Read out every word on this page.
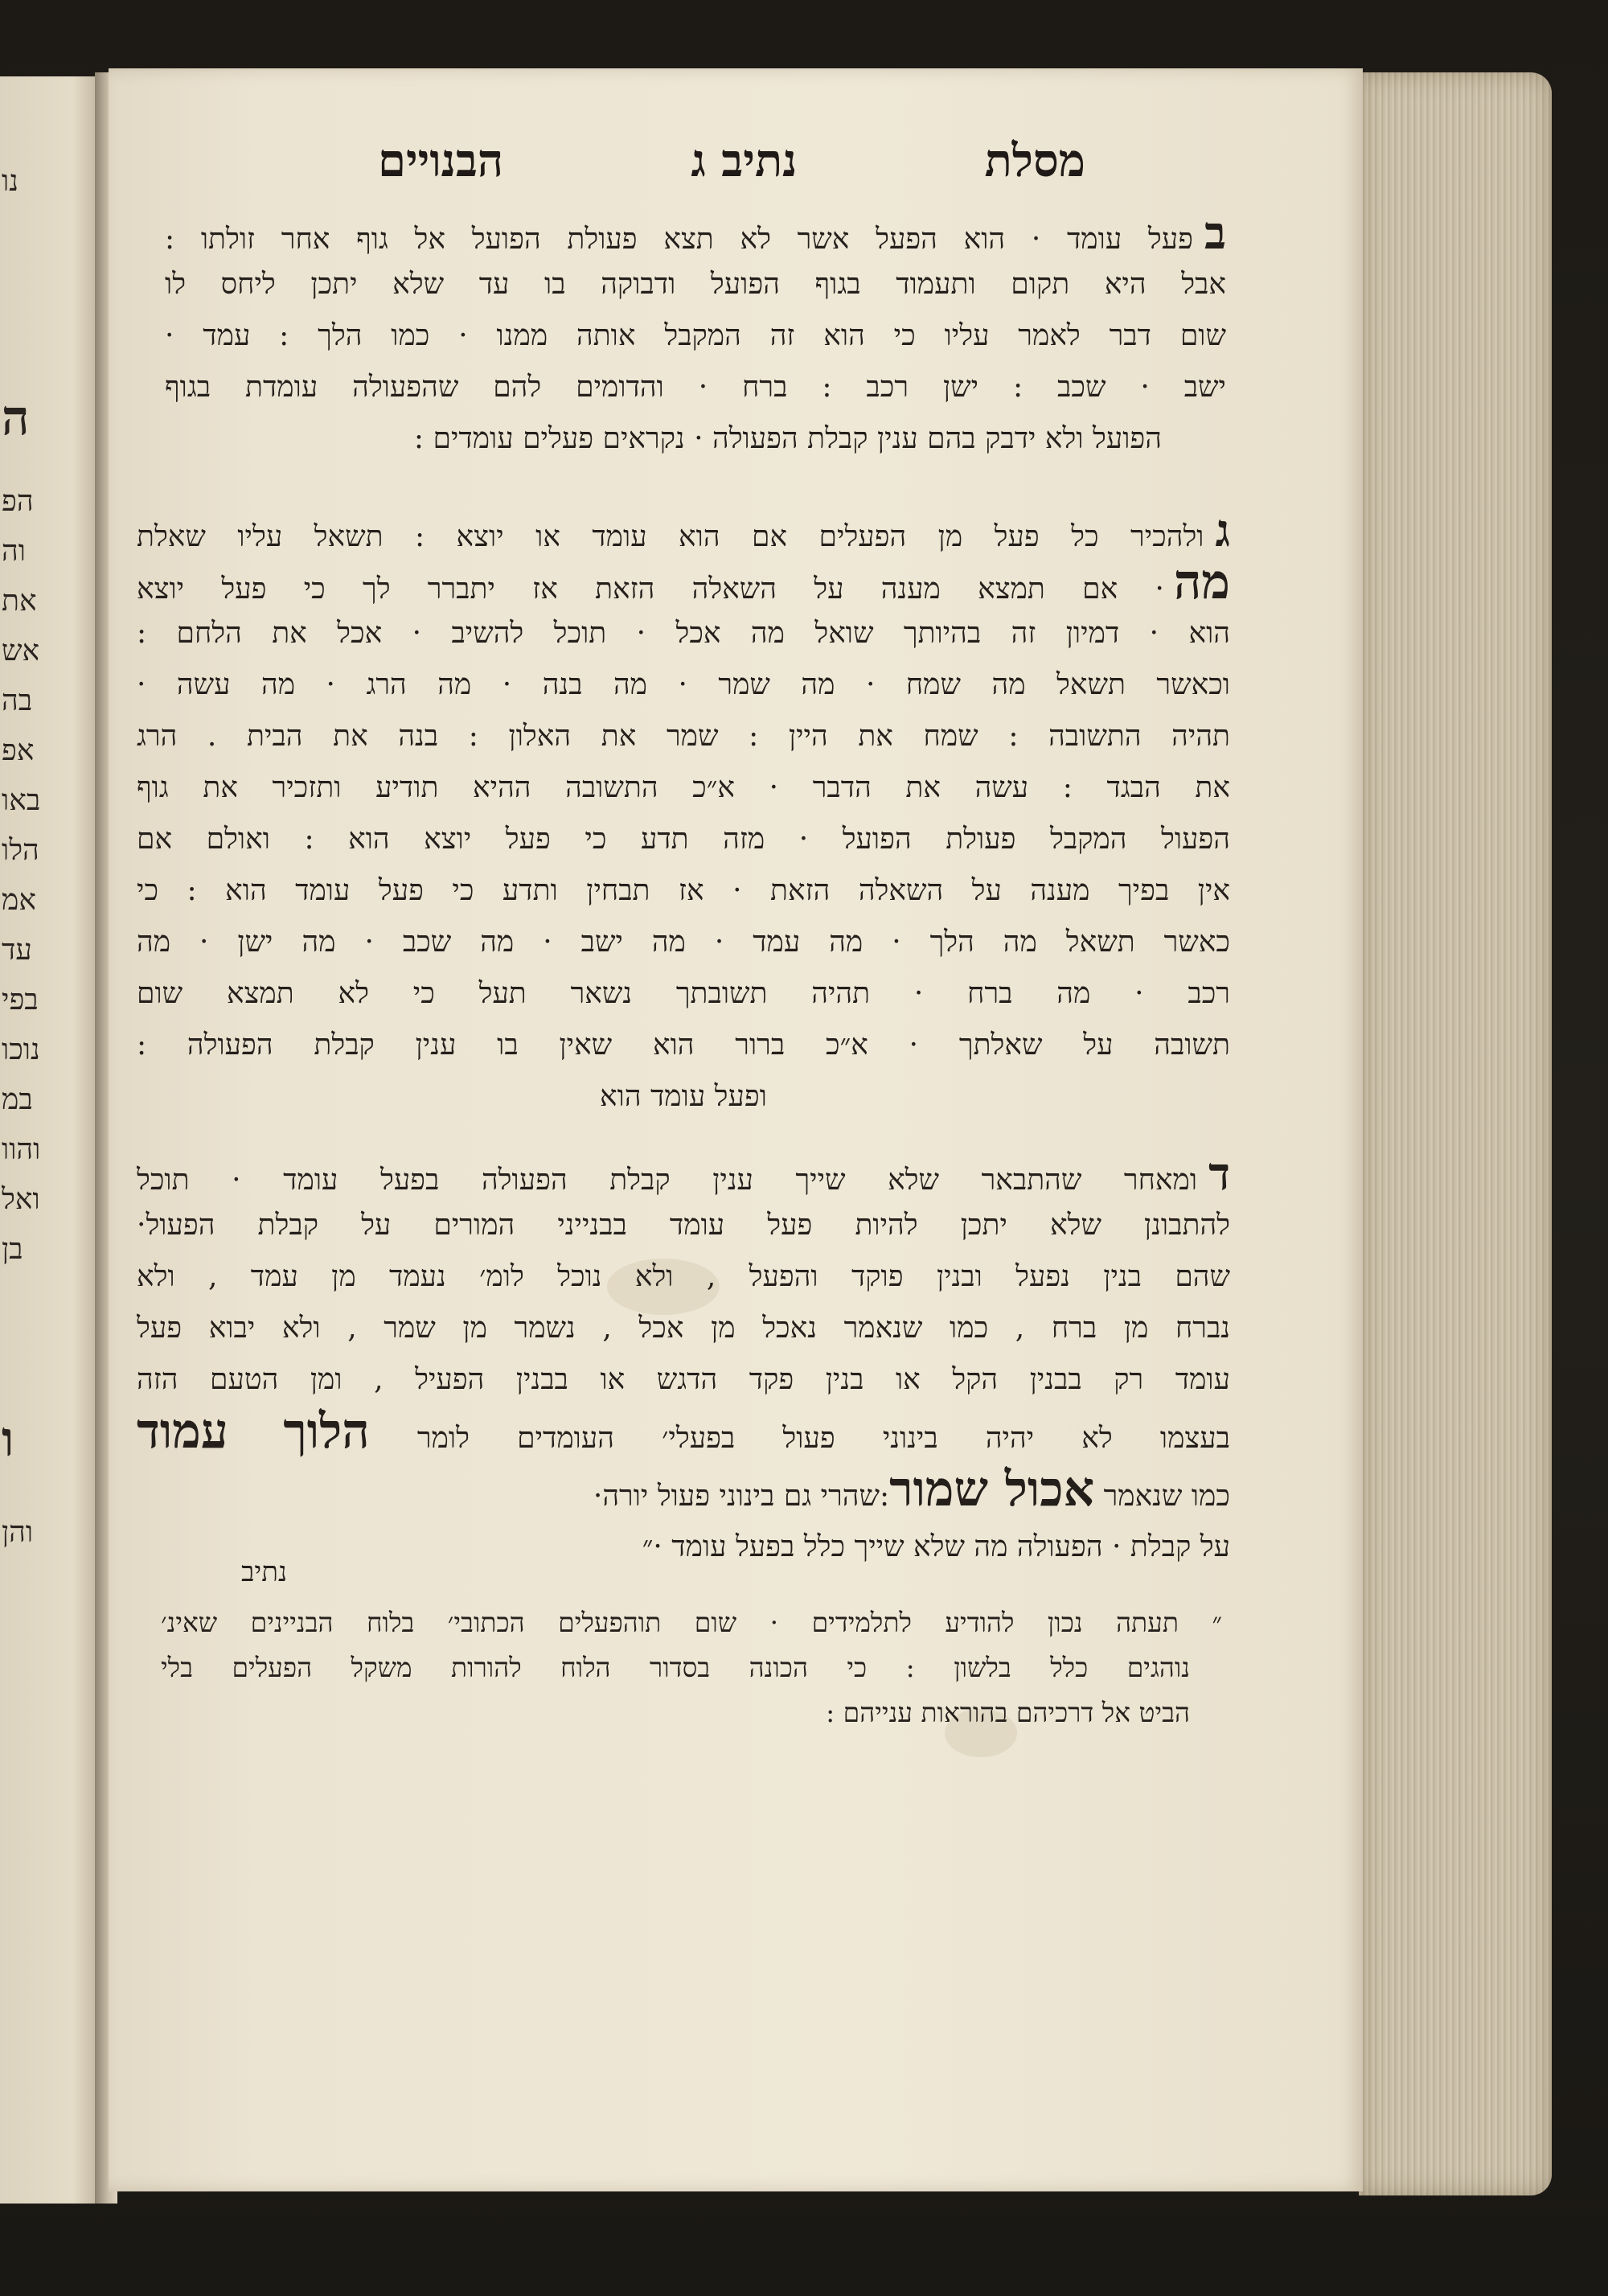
נו
ה
הפ
וה
את
אש
בה
אפ
באו
הלו
אמ
עד
בפי
נוכו
במ
והוו
ואל
בן
ו
והן
מסלת
נתיב ג
הבנויים
בפעל עומד · הוא הפעל אשר לא תצא פעולת הפועל אל גוף אחר זולתו :
אבל היא תקום ותעמוד בגוף הפועל ודבוקה בו עד שלא יתכן ליחס לו
שום דבר לאמר עליו כי הוא זה המקבל אותה ממנו · כמו הלך : עמד ·
ישב · שכב : ישן רכב : ברח · והדומים להם שהפעולה עומדת בגוף
הפועל ולא ידבק בהם ענין קבלת הפעולה · נקראים פעלים עומדים :
גולהכיר כל פעל מן הפעלים אם הוא עומד או יוצא : תשאל עליו שאלת
מה· אם תמצא מענה על השאלה הזאת אז יתברר לך כי פעל יוצא
הוא · דמיון זה בהיותך שואל מה אכל · תוכל להשיב · אכל את הלחם :
וכאשר תשאל מה שמח · מה שמר · מה בנה · מה הרג · מה עשה ·
תהיה התשובה : שמח את היין : שמר את האלון : בנה את הבית . הרג
את הבגד : עשה את הדבר · א״כ התשובה ההיא תודיע ותזכיר את גוף
הפעול המקבל פעולת הפועל · מזה תדע כי פעל יוצא הוא : ואולם אם
אין בפיך מענה על השאלה הזאת · אז תבחין ותדע כי פעל עומד הוא : כי
כאשר תשאל מה הלך · מה עמד · מה ישב · מה שכב · מה ישן · מה
רכב · מה ברח · תהיה תשובתך נשאר תעל כי לא תמצא שום
תשובה על שאלתך · א״כ ברור הוא שאין בו ענין קבלת הפעולה :
ופעל עומד הוא
דומאחר שהתבאר שלא שייך ענין קבלת הפעולה בפעל עומד · תוכל
להתבונן שלא יתכן להיות פעל עומד בבנייני המורים על קבלת הפעול·
שהם בנין נפעל ובנין פוקד והפעל , ולא נוכל לומ׳ נעמד מן עמד , ולא
נברח מן ברח , כמו שנאמר נאכל מן אכל , נשמר מן שמר , ולא יבוא פעל
עומד רק בבנין הקל או בנין פקד הדגש או בבנין הפעיל , ומן הטעם הזה
בעצמו לא יהיה בינוני פעול בפעלי׳ העומדים לומר הלוך עמוד
כמו שנאמר אכול שמור:שהרי גם בינוני פעול יורה·
על קבלת · הפעולה מה שלא שייך כלל בפעל עומד ·״
נתיב
״ תעתה נכון להודיע לתלמידים · שום תוהפעלים הכתובי׳ בלוח הבניינים שאינ׳
נוהגים כלל בלשון : כי הכונה בסדור הלוח להורות משקל הפעלים בלי
הביט אל דרכיהם בהוראות ענייהם :
